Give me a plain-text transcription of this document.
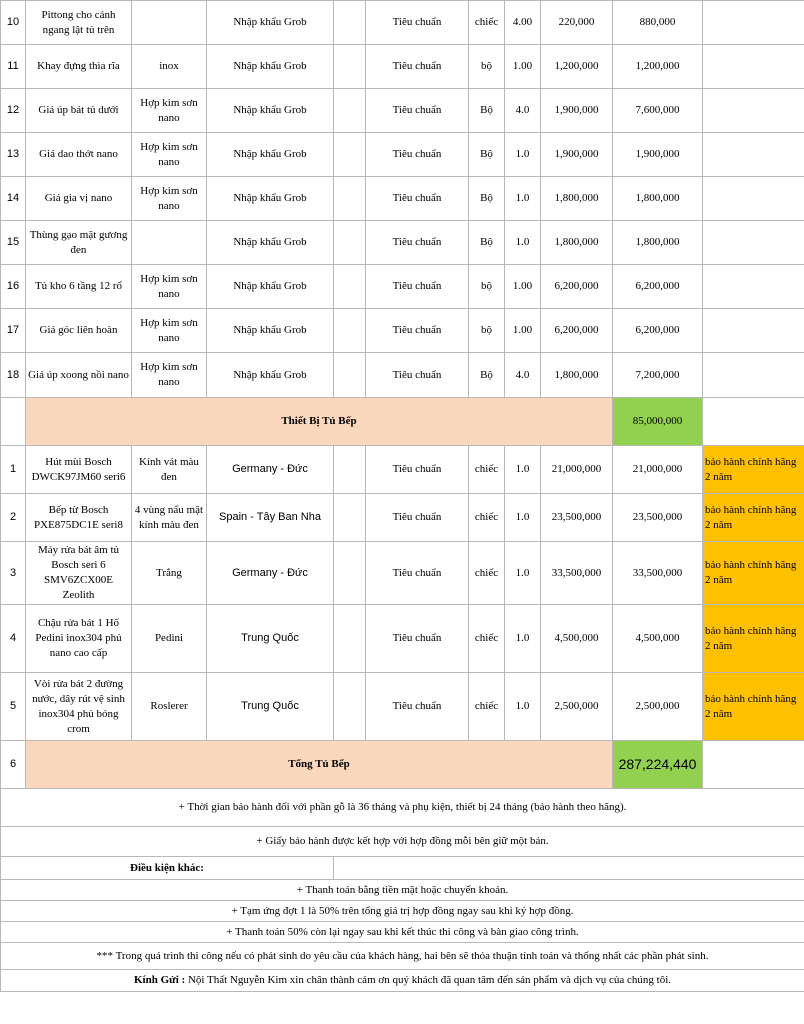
10	Pittong cho cánh ngang lật tủ trên		Nhập khẩu Grob		Tiêu chuẩn	chiếc	4.00	220,000	880,000	
11	Khay đựng thìa rĩa	inox	Nhập khẩu Grob		Tiêu chuẩn	bộ	1.00	1,200,000	1,200,000	
12	Giá úp bát tủ dưới	Hợp kim sơn nano	Nhập khẩu Grob		Tiêu chuẩn	Bộ	4.0	1,900,000	7,600,000	
13	Giá dao thớt nano	Hợp kim sơn nano	Nhập khẩu Grob		Tiêu chuẩn	Bộ	1.0	1,900,000	1,900,000	
14	Giá gia vị nano	Hợp kim sơn nano	Nhập khẩu Grob		Tiêu chuẩn	Bộ	1.0	1,800,000	1,800,000	
15	Thùng gạo mặt gương đen		Nhập khẩu Grob		Tiêu chuẩn	Bộ	1.0	1,800,000	1,800,000	
16	Tủ kho 6 tầng 12 rổ	Hợp kim sơn nano	Nhập khẩu Grob		Tiêu chuẩn	bộ	1.00	6,200,000	6,200,000	
17	Giá góc liên hoàn	Hợp kim sơn nano	Nhập khẩu Grob		Tiêu chuẩn	bộ	1.00	6,200,000	6,200,000	
18	Giá úp xoong nồi nano	Hợp kim sơn nano	Nhập khẩu Grob		Tiêu chuẩn	Bộ	4.0	1,800,000	7,200,000	
	Thiết Bị Tủ Bếp								85,000,000	
1	Hút mùi Bosch DWCK97JM60 seri6	Kính vát màu đen	Germany - Đức		Tiêu chuẩn	chiếc	1.0	21,000,000	21,000,000	bảo hành chính hãng 2 năm
2	Bếp từ Bosch PXE875DC1E seri8	4 vùng nấu mặt kính màu đen	Spain - Tây Ban Nha		Tiêu chuẩn	chiếc	1.0	23,500,000	23,500,000	bảo hành chính hãng 2 năm
3	Máy rửa bát âm tủ Bosch seri 6 SMV6ZCX00E Zeolith	Trắng	Germany - Đức		Tiêu chuẩn	chiếc	1.0	33,500,000	33,500,000	bảo hành chính hãng 2 năm
4	Chậu rửa bát 1 Hố Pedini inox304 phủ nano cao cấp	Pedini	Trung Quốc		Tiêu chuẩn	chiếc	1.0	4,500,000	4,500,000	bảo hành chính hãng 2 năm
5	Vòi rửa bát 2 đường nước, dây rút vệ sinh inox304 phủ bóng crom	Roslerer	Trung Quốc		Tiêu chuẩn	chiếc	1.0	2,500,000	2,500,000	bảo hành chính hãng 2 năm
6	Tổng Tủ Bếp								287,224,440	
+ Thời gian bảo hành đối với phần gỗ là 36 tháng và phụ kiện, thiết bị 24 tháng (bảo hành theo hãng).										
+ Giấy bảo hành được kết hợp với hợp đồng mỗi bên giữ một bản.										
Điều kiện khác:										
+ Thanh toán bằng tiền mặt hoặc chuyển khoản.										
+ Tạm ứng đợt 1 là 50% trên tổng giá trị hợp đồng ngay sau khi ký hợp đồng.										
+ Thanh toán 50% còn lại ngay sau khi kết thúc thi công và bàn giao công trình.										
*** Trong quá trình thi công nếu có phát sinh do yêu cầu của khách hàng, hai bên sẽ thỏa thuận tính toán và thống nhất các phần phát sinh.										
Kính Gửi : Nội Thất Nguyễn Kim xin chân thành cảm ơn quý khách đã quan tâm đến sản phẩm và dịch vụ của chúng tôi.										
